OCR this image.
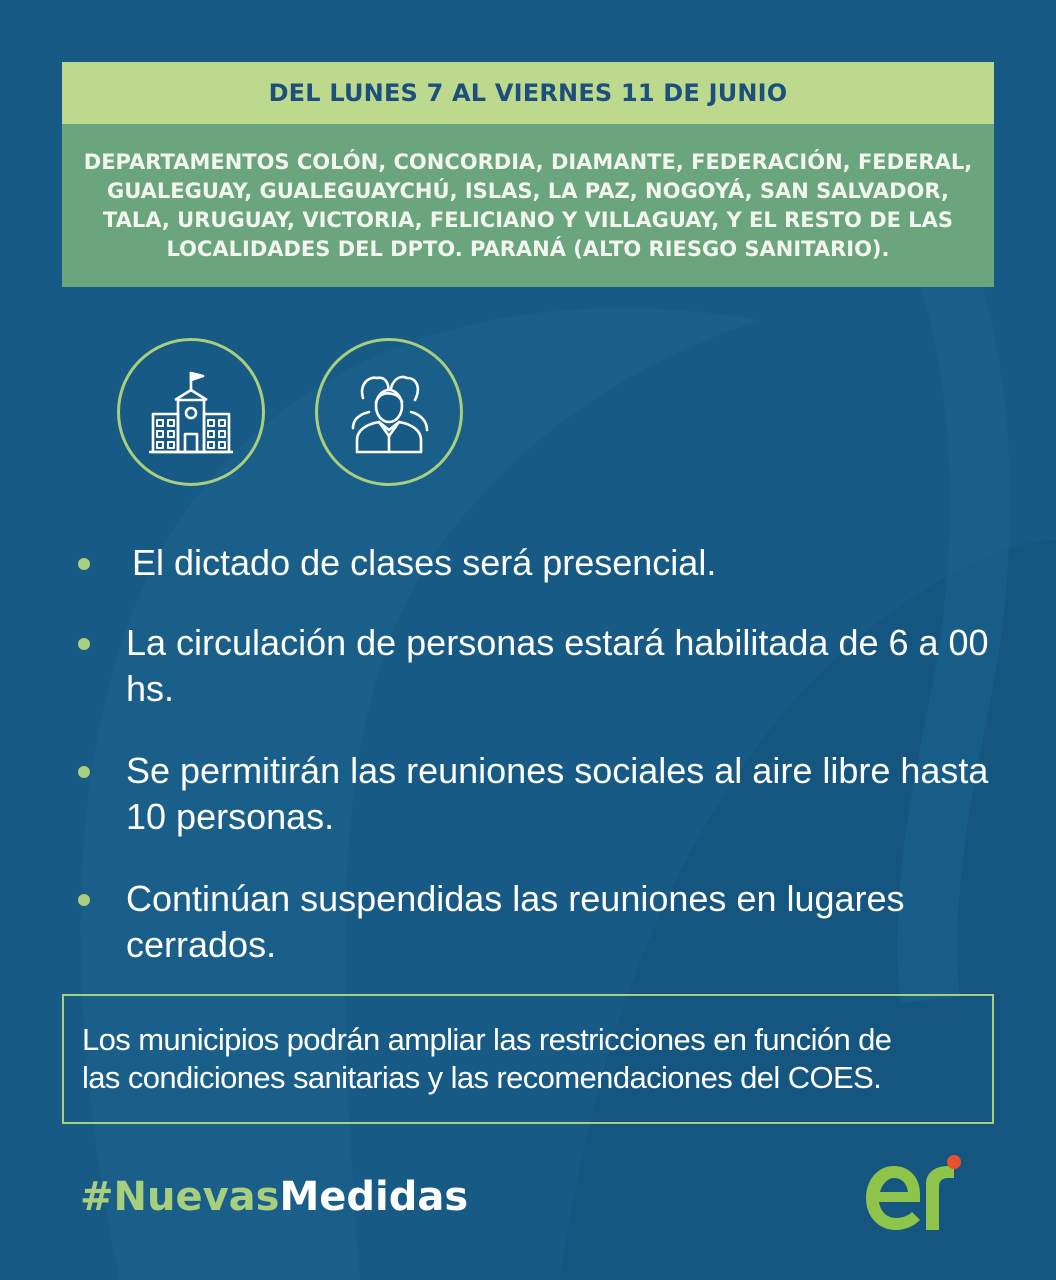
DEL LUNES 7 AL VIERNES 11 DE JUNIO
DEPARTAMENTOS COLÓN, CONCORDIA, DIAMANTE, FEDERACIÓN, FEDERAL,
GUALEGUAY, GUALEGUAYCHÚ, ISLAS, LA PAZ, NOGOYÁ, SAN SALVADOR,
TALA, URUGUAY, VICTORIA, FELICIANO Y VILLAGUAY, Y EL RESTO DE LAS
LOCALIDADES DEL DPTO. PARANÁ (ALTO RIESGO SANITARIO).
El dictado de clases será presencial.
La circulación de personas estará habilitada de 6 a 00 hs.
Se permitirán las reuniones sociales al aire libre hasta 10 personas.
Continúan suspendidas las reuniones en lugares cerrados.
Los municipios podrán ampliar las restricciones en función de
las condiciones sanitarias y las recomendaciones del COES.
#NuevasMedidas
